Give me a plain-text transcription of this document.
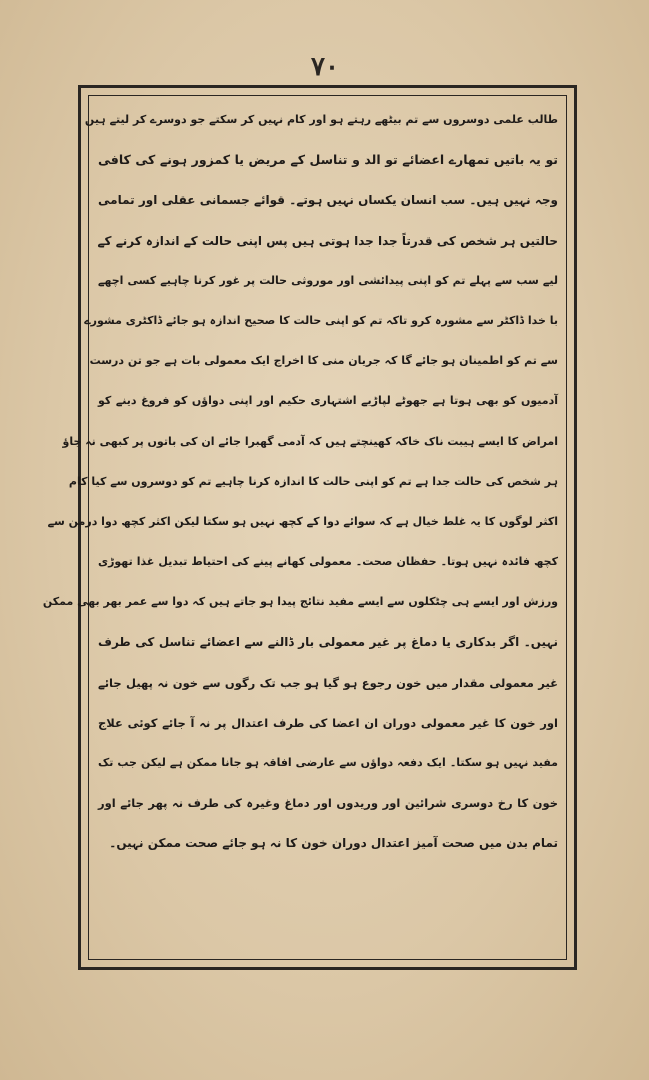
۷۰
طالب علمی دوسروں سے تم بیٹھے رہتے ہو اور کام نہیں کر سکتے جو دوسرے کر لیتے ہیں
تو یہ باتیں تمھارے اعضائے تو الد و تناسل کے مریض یا کمزور ہونے کی کافی
وجہ نہیں ہیں۔ سب انسان یکساں نہیں ہوتے۔ قوائے جسمانی عقلی اور تمامی
حالتیں ہر شخص کی قدرتاً جدا جدا ہوتی ہیں پس اپنی حالت کے اندازہ کرنے کے
لیے سب سے پہلے تم کو اپنی پیدائشی اور موروثی حالت پر غور کرنا چاہیے کسی اچھے
با خدا ڈاکٹر سے مشورہ کرو تاکہ تم کو اپنی حالت کا صحیح اندازہ ہو جائے ڈاکٹری مشورے
سے تم کو اطمینان ہو جائے گا کہ جریان منی کا اخراج ایک معمولی بات ہے جو تن درست
آدمیوں کو بھی ہوتا ہے جھوٹے لپاڑیے اشتہاری حکیم اور اپنی دواؤں کو فروغ دینے کو
امراض کا ایسے ہیبت ناک خاکہ کھینچتے ہیں کہ آدمی گھبرا جائے ان کی باتوں پر کبھی نہ جاؤ
ہر شخص کی حالت جدا ہے تم کو اپنی حالت کا اندازہ کرنا چاہیے تم کو دوسروں سے کیا کام
اکثر لوگوں کا یہ غلط خیال ہے کہ سوائے دوا کے کچھ نہیں ہو سکتا لیکن اکثر کچھ دوا درمن سے
کچھ فائدہ نہیں ہوتا۔ حفظان صحت۔ معمولی کھانے پینے کی احتیاط تبدیل غذا تھوڑی
ورزش اور ایسے ہی چٹکلوں سے ایسے مفید نتائج پیدا ہو جاتے ہیں کہ دوا سے عمر بھر بھی ممکن
نہیں۔ اگر بدکاری یا دماغ پر غیر معمولی بار ڈالنے سے اعضائے تناسل کی طرف
غیر معمولی مقدار میں خون رجوع ہو گیا ہو جب تک رگوں سے خون نہ پھیل جائے
اور خون کا غیر معمولی دوران ان اعضا کی طرف اعتدال پر نہ آ جائے کوئی علاج
مفید نہیں ہو سکتا۔ ایک دفعہ دواؤں سے عارضی افاقہ ہو جانا ممکن ہے لیکن جب تک
خون کا رخ دوسری شرائین اور وریدوں اور دماغ وغیرہ کی طرف نہ پھر جائے اور
تمام بدن میں صحت آمیز اعتدال دوران خون کا نہ ہو جائے صحت ممکن نہیں۔
